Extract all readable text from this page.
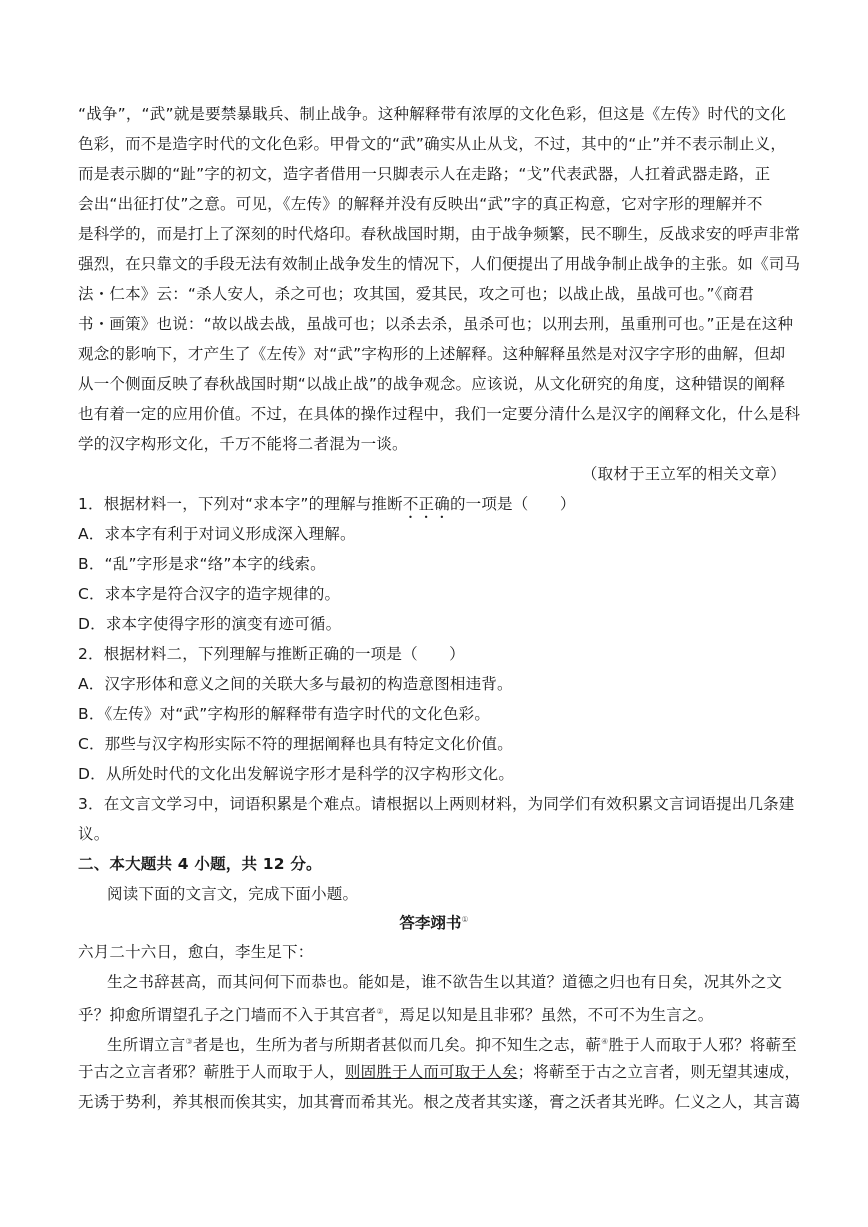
“战争”，“武”就是要禁暴戢兵、制止战争。这种解释带有浓厚的文化色彩，但这是《左传》时代的文化
色彩，而不是造字时代的文化色彩。甲骨文的“武”确实从止从戈，不过，其中的“止”并不表示制止义，
而是表示脚的“趾”字的初文，造字者借用一只脚表示人在走路；“戈”代表武器，人扛着武器走路，正
会出“出征打仗”之意。可见，《左传》的解释并没有反映出“武”字的真正构意，它对字形的理解并不
是科学的，而是打上了深刻的时代烙印。春秋战国时期，由于战争频繁，民不聊生，反战求安的呼声非常
强烈，在只靠文的手段无法有效制止战争发生的情况下，人们便提出了用战争制止战争的主张。如《司马
法・仁本》云：“杀人安人，杀之可也；攻其国，爱其民，攻之可也；以战止战，虽战可也。”《商君
书・画策》也说：“故以战去战，虽战可也；以杀去杀，虽杀可也；以刑去刑，虽重刑可也。”正是在这种
观念的影响下，才产生了《左传》对“武”字构形的上述解释。这种解释虽然是对汉字字形的曲解，但却
从一个侧面反映了春秋战国时期“以战止战”的战争观念。应该说，从文化研究的角度，这种错误的阐释
也有着一定的应用价值。不过，在具体的操作过程中，我们一定要分清什么是汉字的阐释文化，什么是科
学的汉字构形文化，千万不能将二者混为一谈。
（取材于王立军的相关文章）
1．根据材料一，下列对“求本字”的理解与推断不正确的一项是（　　）
A．求本字有利于对词义形成深入理解。
B．“乱”字形是求“络”本字的线索。
C．求本字是符合汉字的造字规律的。
D．求本字使得字形的演变有迹可循。
2．根据材料二，下列理解与推断正确的一项是（　　）
A．汉字形体和意义之间的关联大多与最初的构造意图相违背。
B．《左传》对“武”字构形的解释带有造字时代的文化色彩。
C．那些与汉字构形实际不符的理据阐释也具有特定文化价值。
D．从所处时代的文化出发解说字形才是科学的汉字构形文化。
3．在文言文学习中，词语积累是个难点。请根据以上两则材料，为同学们有效积累文言词语提出几条建
议。
二、本大题共 4 小题，共 12 分。
阅读下面的文言文，完成下面小题。
答李翊书①
六月二十六日，愈白，李生足下：
生之书辞甚高，而其问何下而恭也。能如是，谁不欲告生以其道？道德之归也有日矣，况其外之文
乎？抑愈所谓望孔子之门墙而不入于其宫者②，焉足以知是且非邪？虽然，不可不为生言之。
生所谓立言③者是也，生所为者与所期者甚似而几矣。抑不知生之志，蕲④胜于人而取于人邪？将蕲至
于古之立言者邪？蕲胜于人而取于人，则固胜于人而可取于人矣；将蕲至于古之立言者，则无望其速成，
无诱于势利，养其根而俟其实，加其膏而希其光。根之茂者其实遂，膏之沃者其光晔。仁义之人，其言蔼
